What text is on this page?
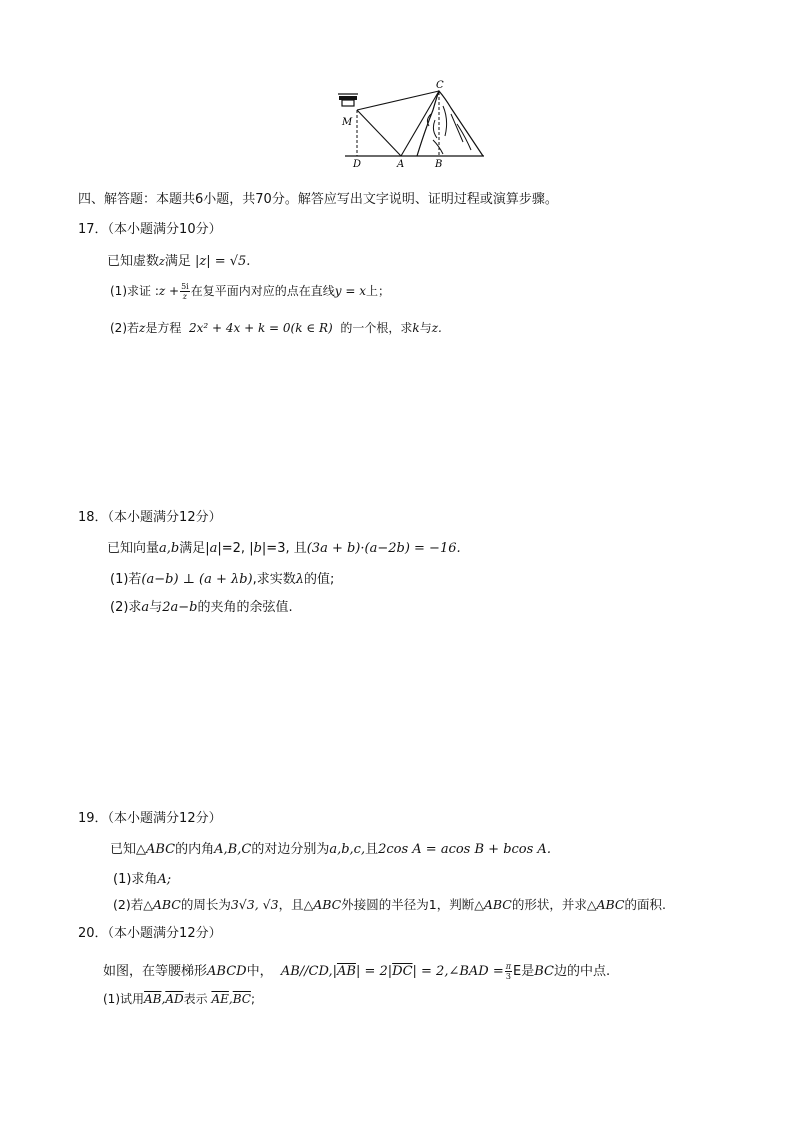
M
C
D	A	B
四、解答题：本题共6小题，共70分。解答应写出文字说明、证明过程或演算步骤。
17．（本小题满分10分）
已知虚数z满足 |z| = √5.
(1)求证 :z + $\frac{5i}{z}$ 在复平面内对应的点在直线y = x上；
(2)若z是方程 2x² + 4x + k = 0(k ∈ R) 的一个根，求k与z.
18．（本小题满分12分）
已知向量a,b满足|a|=2, |b|=3, 且(3a + b)·(a−2b) = −16.
(1)若(a−b) ⊥ (a + λb),求实数λ的值;
(2)求a与2a−b的夹角的余弦值.
19．（本小题满分12分）
已知△ABC的内角A,B,C的对边分别为a,b,c,且2cos A = acos B + bcos A.
(1)求角A;
(2)若△ABC的周长为3√3, √3，且△ABC外接圆的半径为1，判断△ABC的形状，并求△ABC的面积.
20．（本小题满分12分）
如图，在等腰梯形ABCD中， $AB//CD,|\overline{AB}| = 2|\overline{DC}|$ = 2,∠BAD = $\frac{\pi}{3}$ E是BC边的中点.
(1)试用$\overline{AB},\overline{AD}$表示 $\overline{AE},\overline{BC}$;
